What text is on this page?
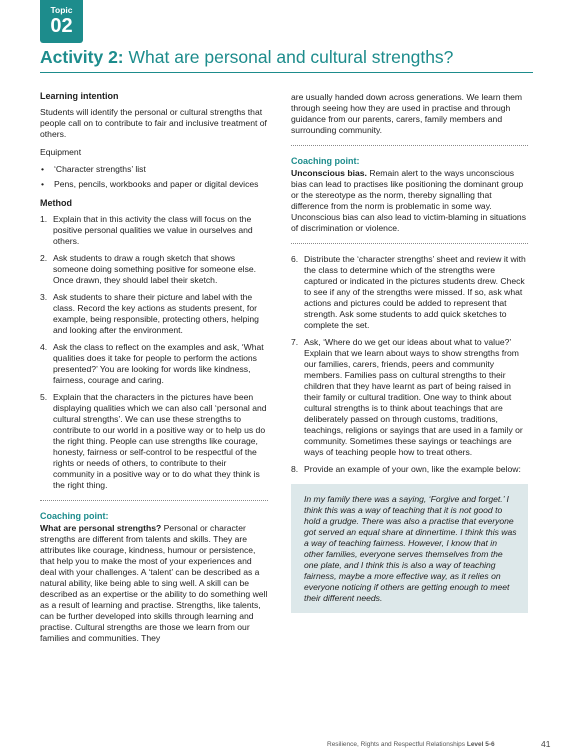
Topic
02
Activity 2: What are personal and cultural strengths?
Learning intention
Students will identify the personal or cultural strengths that people call on to contribute to fair and inclusive treatment of others.
Equipment
• ‘Character strengths’ list
• Pens, pencils, workbooks and paper or digital devices
Method
1. Explain that in this activity the class will focus on the positive personal qualities we value in ourselves and others.
2. Ask students to draw a rough sketch that shows someone doing something positive for someone else. Once drawn, they should label their sketch.
3. Ask students to share their picture and label with the class. Record the key actions as students present, for example, being responsible, protecting others, helping and looking after the environment.
4. Ask the class to reflect on the examples and ask, ‘What qualities does it take for people to perform the actions presented?’ You are looking for words like kindness, fairness, courage and caring.
5. Explain that the characters in the pictures have been displaying qualities which we can also call ‘personal and cultural strengths’. We can use these strengths to contribute to our world in a positive way or to help us do the right thing. People can use strengths like courage, honesty, fairness or self-control to be respectful of the rights or needs of others, to contribute to their community in a positive way or to do what they think is the right thing.
Coaching point:
What are personal strengths? Personal or character strengths are different from talents and skills. They are attributes like courage, kindness, humour or persistence, that help you to make the most of your experiences and deal with your challenges. A ‘talent’ can be described as a natural ability, like being able to sing well. A skill can be described as an expertise or the ability to do something well as a result of learning and practise. Strengths, like talents, can be further developed into skills through learning and practise. Cultural strengths are those we learn from our families and communities. They
are usually handed down across generations. We learn them through seeing how they are used in practise and through guidance from our parents, carers, family members and surrounding community.
Coaching point:
Unconscious bias. Remain alert to the ways unconscious bias can lead to practises like positioning the dominant group or the stereotype as the norm, thereby signalling that difference from the norm is problematic in some way. Unconscious bias can also lead to victim-blaming in situations of discrimination or violence.
6. Distribute the ‘character strengths’ sheet and review it with the class to determine which of the strengths were captured or indicated in the pictures students drew. Check to see if any of the strengths were missed. If so, ask what actions and pictures could be added to represent that strength. Ask some students to add quick sketches to complete the set.
7. Ask, ‘Where do we get our ideas about what to value?’ Explain that we learn about ways to show strengths from our families, carers, friends, peers and community members. Families pass on cultural strengths to their children that they have learnt as part of being raised in their family or cultural tradition. One way to think about cultural strengths is to think about teachings that are deliberately passed on through customs, traditions, teachings, religions or sayings that are used in a family or community. Sometimes these sayings or teachings are ways of teaching people how to treat others.
8. Provide an example of your own, like the example below:
In my family there was a saying, ‘Forgive and forget.’ I think this was a way of teaching that it is not good to hold a grudge. There was also a practise that everyone got served an equal share at dinnertime. I think this was a way of teaching fairness. However, I know that in other families, everyone serves themselves from the one plate, and I think this is also a way of teaching fairness, maybe a more effective way, as it relies on everyone noticing if others are getting enough to meet their different needs.
Resilience, Rights and Respectful Relationships Level 5-6	41
